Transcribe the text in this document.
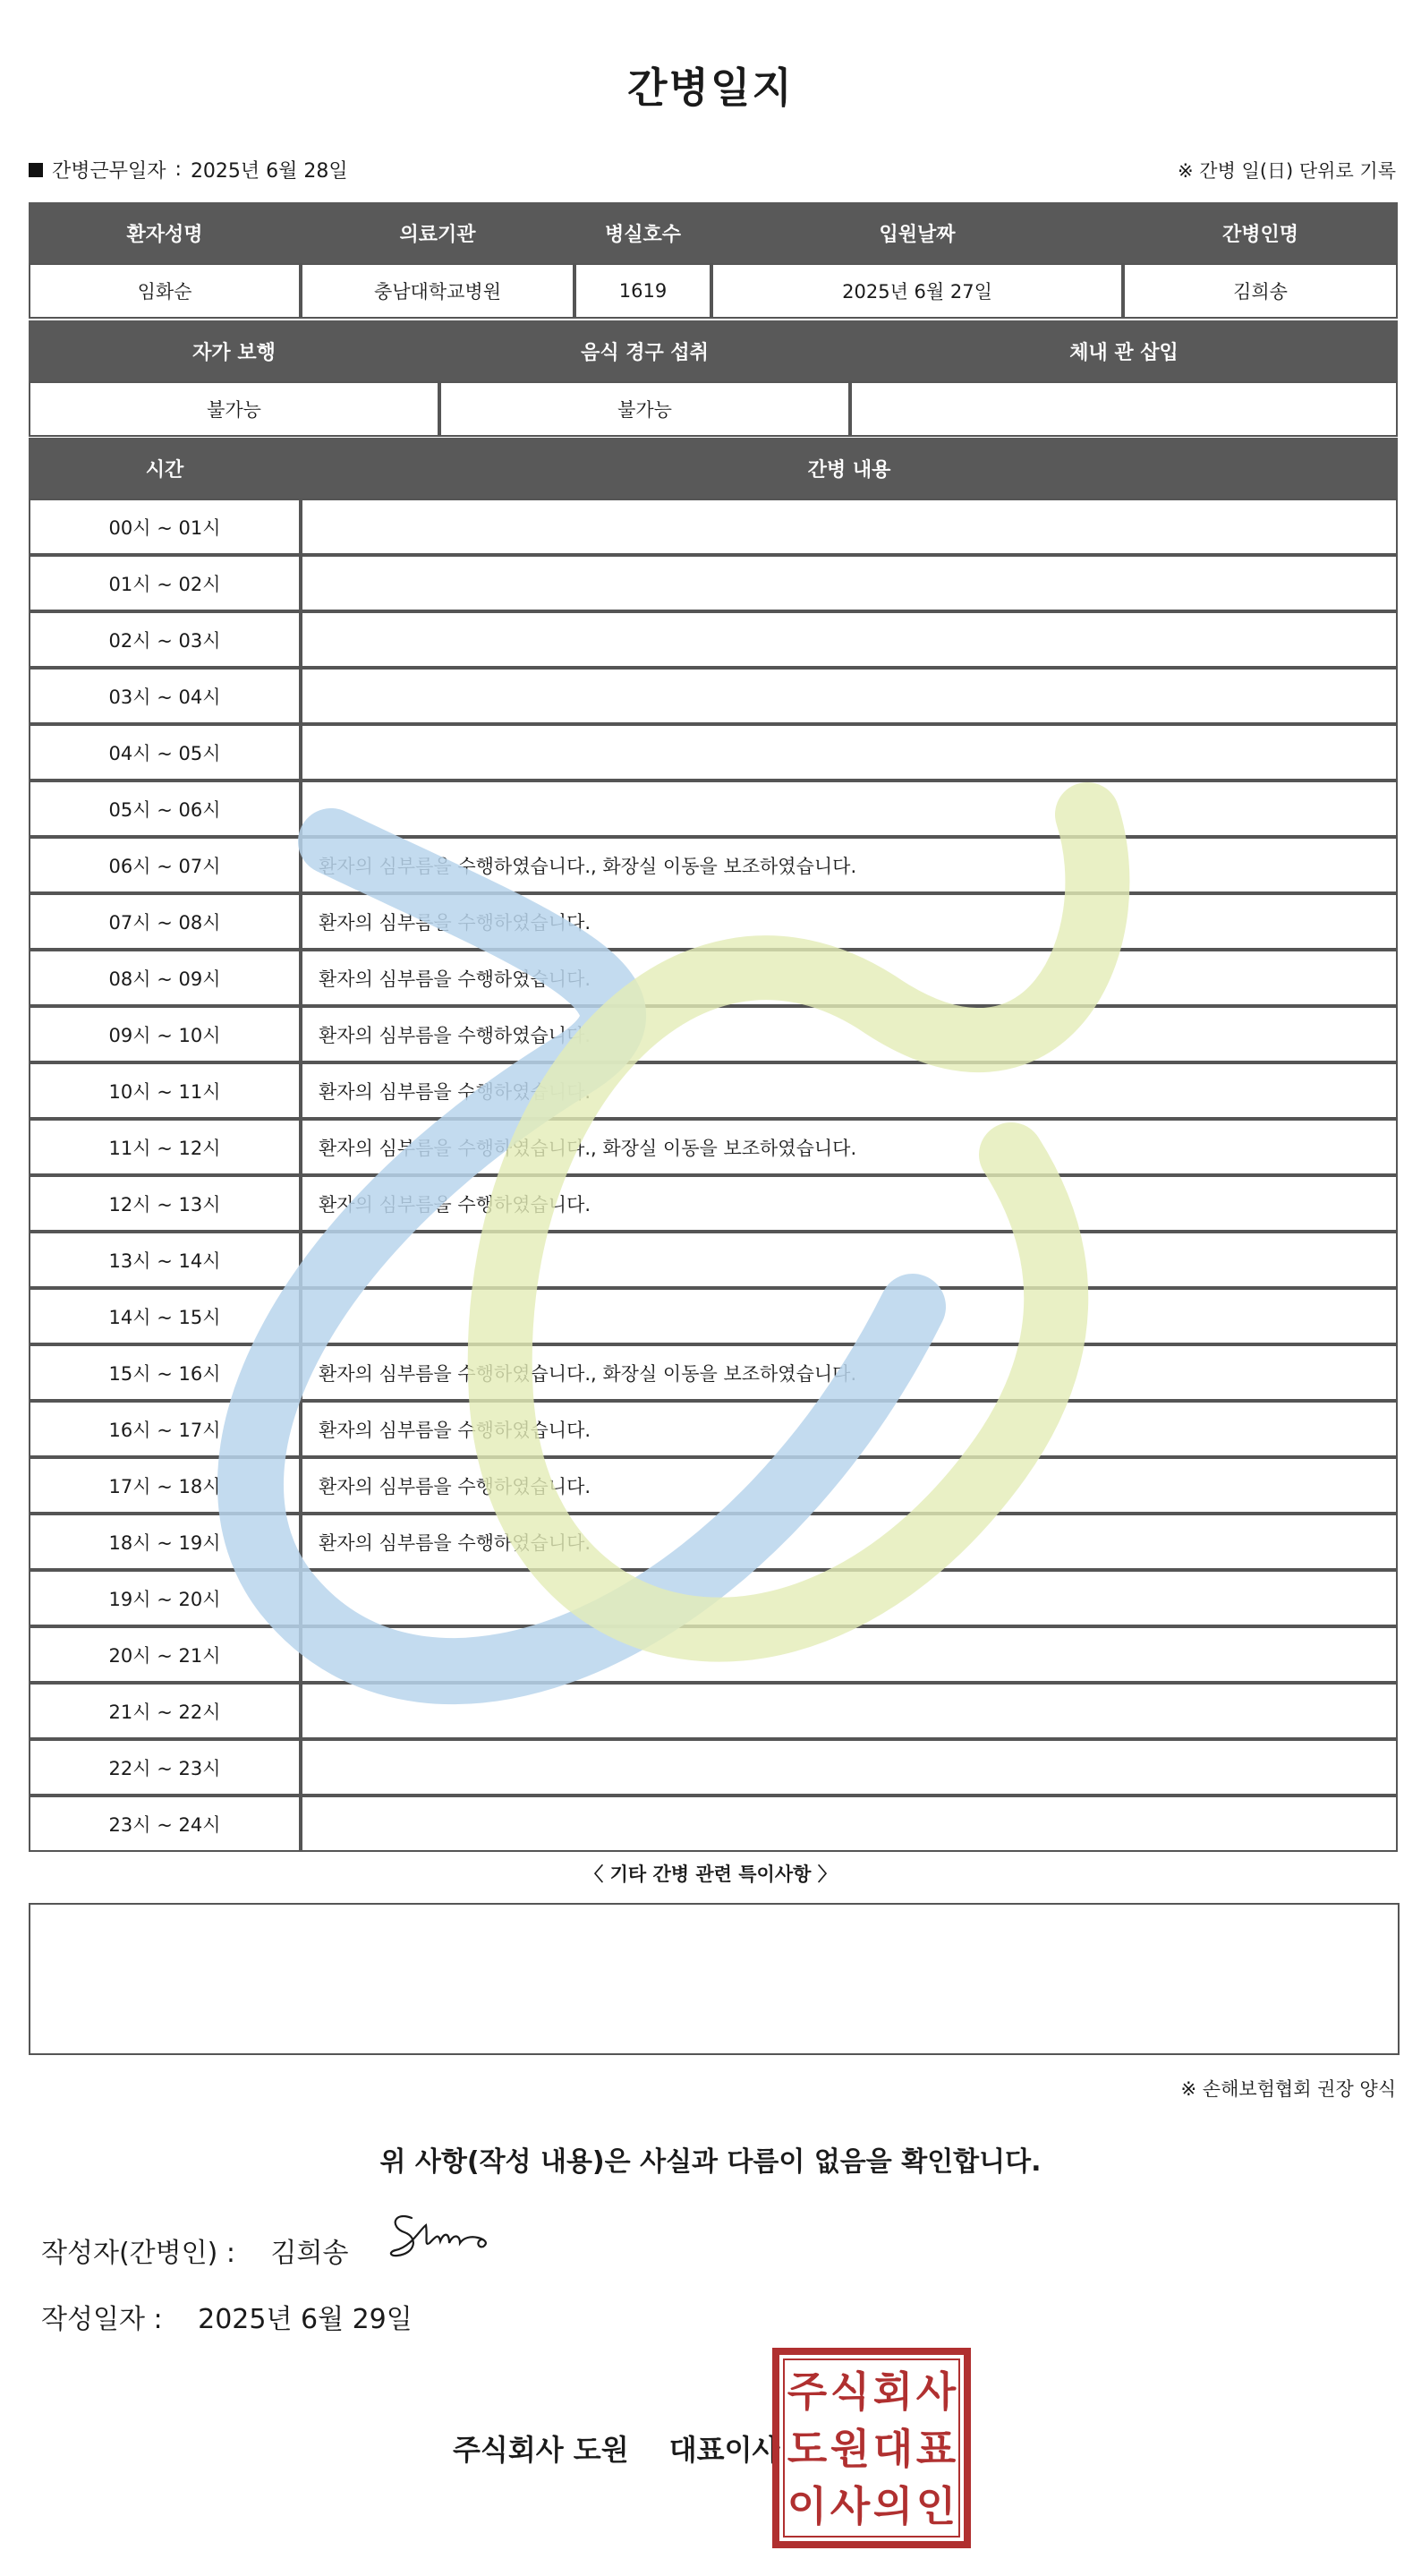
간병일지
간병근무일자 : 2025년 6월 28일	※ 간병 일(日) 단위로 기록
환자성명	의료기관	병실호수	입원날짜	간병인명
임화순	충남대학교병원	1619	2025년 6월 27일	김희송
자가 보행	음식 경구 섭취	체내 관 삽입
불가능	불가능	
시간	간병 내용
00시 ~ 01시	
01시 ~ 02시	
02시 ~ 03시	
03시 ~ 04시	
04시 ~ 05시	
05시 ~ 06시	
06시 ~ 07시	환자의 심부름을 수행하였습니다., 화장실 이동을 보조하였습니다.
07시 ~ 08시	환자의 심부름을 수행하였습니다.
08시 ~ 09시	환자의 심부름을 수행하였습니다.
09시 ~ 10시	환자의 심부름을 수행하였습니다.
10시 ~ 11시	환자의 심부름을 수행하였습니다.
11시 ~ 12시	환자의 심부름을 수행하였습니다., 화장실 이동을 보조하였습니다.
12시 ~ 13시	환자의 심부름을 수행하였습니다.
13시 ~ 14시	
14시 ~ 15시	
15시 ~ 16시	환자의 심부름을 수행하였습니다., 화장실 이동을 보조하였습니다.
16시 ~ 17시	환자의 심부름을 수행하였습니다.
17시 ~ 18시	환자의 심부름을 수행하였습니다.
18시 ~ 19시	환자의 심부름을 수행하였습니다.
19시 ~ 20시	
20시 ~ 21시	
21시 ~ 22시	
22시 ~ 23시	
23시 ~ 24시	
〈 기타 간병 관련 특이사항 〉
※ 손해보험협회 권장 양식
위 사항(작성 내용)은 사실과 다름이 없음을 확인합니다.
작성자(간병인) : 김희송
작성일자 : 2025년 6월 29일
주식회사 도원 대표이사
주 식 회 사
도 원 대 표
이 사 의 인
